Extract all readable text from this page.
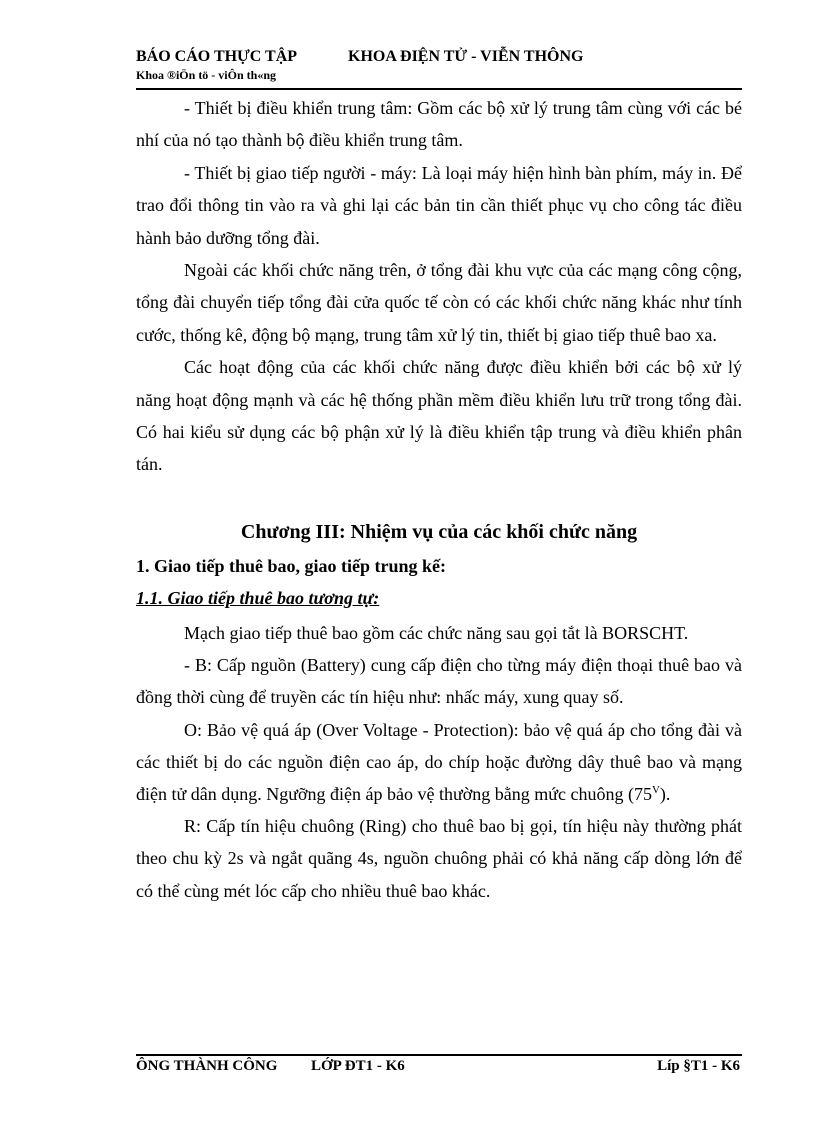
BÁO CÁO THỰC TẬP	KHOA ĐIỆN TỬ - VIỄN THÔNG
Khoa ®iÖn tö - viÔn th«ng

- Thiết bị điều khiển trung tâm: Gồm các bộ xử lý trung tâm cùng với các bé nhí của nó tạo thành bộ điều khiển trung tâm.

- Thiết bị giao tiếp người - máy: Là loại máy hiện hình bàn phím, máy in. Để trao đổi thông tin vào ra và ghi lại các bản tin cần thiết phục vụ cho công tác điều hành bảo dưỡng tổng đài.

Ngoài các khối chức năng trên, ở tổng đài khu vực của các mạng công cộng, tổng đài chuyển tiếp tổng đài cửa quốc tế còn có các khối chức năng khác như tính cước, thống kê, động bộ mạng, trung tâm xử lý tin, thiết bị giao tiếp thuê bao xa.

Các hoạt động của các khối chức năng được điều khiển bởi các bộ xử lý năng hoạt động mạnh và các hệ thống phần mềm điều khiển lưu trữ trong tổng đài. Có hai kiểu sử dụng các bộ phận xử lý là điều khiển tập trung và điều khiển phân tán.

Chương III: Nhiệm vụ của các khối chức năng
1. Giao tiếp thuê bao, giao tiếp trung kế:
1.1. Giao tiếp thuê bao tương tự:

Mạch giao tiếp thuê bao gồm các chức năng sau gọi tắt là BORSCHT.

- B: Cấp nguồn (Battery) cung cấp điện cho từng máy điện thoại thuê bao và đồng thời cùng để truyền các tín hiệu như: nhấc máy, xung quay số.

O: Bảo vệ quá áp (Over Voltage - Protection): bảo vệ quá áp cho tổng đài và các thiết bị do các nguồn điện cao áp, do chíp hoặc đường dây thuê bao và mạng điện tử dân dụng. Ngưỡng điện áp bảo vệ thường bằng mức chuông $(75^V)$.

R: Cấp tín hiệu chuông (Ring) cho thuê bao bị gọi, tín hiệu này thường phát theo chu kỳ 2s và ngắt quãng 4s, nguồn chuông phải có khả năng cấp dòng lớn để có thể cùng mét lóc cấp cho nhiều thuê bao khác.

ÔNG THÀNH CÔNG LỚP ĐT1 - K6	Líp §T1 - K6
